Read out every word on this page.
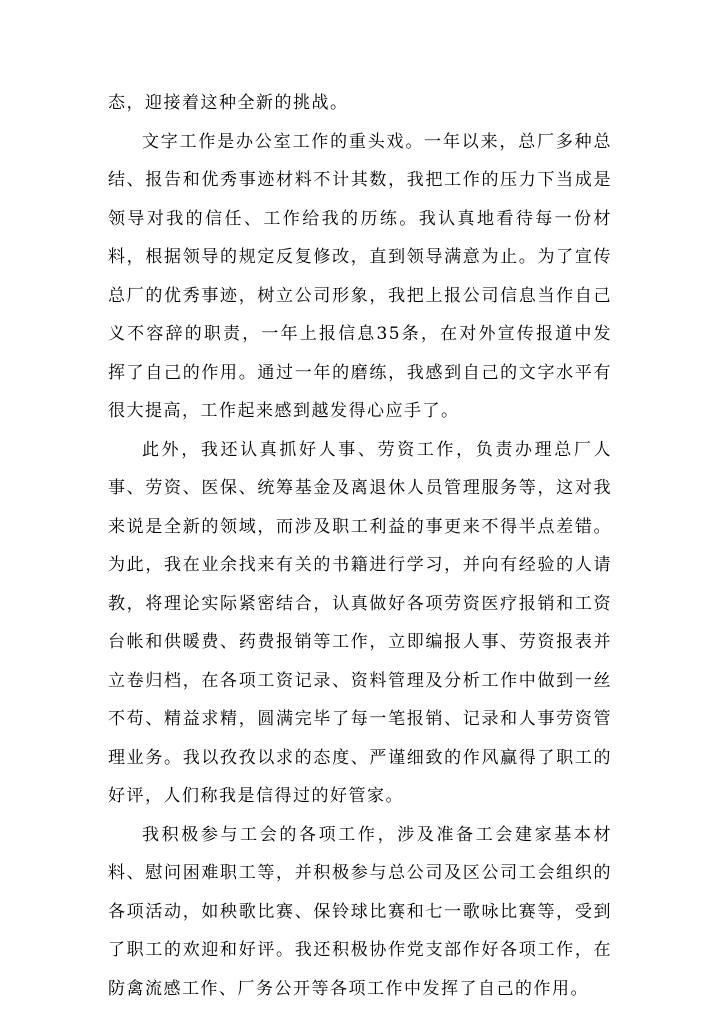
态，迎接着这种全新的挑战。

文字工作是办公室工作的重头戏。一年以来，总厂多种总结、报告和优秀事迹材料不计其数，我把工作的压力下当成是领导对我的信任、工作给我的历练。我认真地看待每一份材料，根据领导的规定反复修改，直到领导满意为止。为了宣传总厂的优秀事迹，树立公司形象，我把上报公司信息当作自己义不容辞的职责，一年上报信息35条，在对外宣传报道中发挥了自己的作用。通过一年的磨练，我感到自己的文字水平有很大提高，工作起来感到越发得心应手了。

此外，我还认真抓好人事、劳资工作，负责办理总厂人事、劳资、医保、统筹基金及离退休人员管理服务等，这对我来说是全新的领域，而涉及职工利益的事更来不得半点差错。为此，我在业余找来有关的书籍进行学习，并向有经验的人请教，将理论实际紧密结合，认真做好各项劳资医疗报销和工资台帐和供暖费、药费报销等工作，立即编报人事、劳资报表并立卷归档，在各项工资记录、资料管理及分析工作中做到一丝不苟、精益求精，圆满完毕了每一笔报销、记录和人事劳资管理业务。我以孜孜以求的态度、严谨细致的作风赢得了职工的好评，人们称我是信得过的好管家。

我积极参与工会的各项工作，涉及准备工会建家基本材料、慰问困难职工等，并积极参与总公司及区公司工会组织的各项活动，如秧歌比赛、保铃球比赛和七一歌咏比赛等，受到了职工的欢迎和好评。我还积极协作党支部作好各项工作，在防禽流感工作、厂务公开等各项工作中发挥了自己的作用。
